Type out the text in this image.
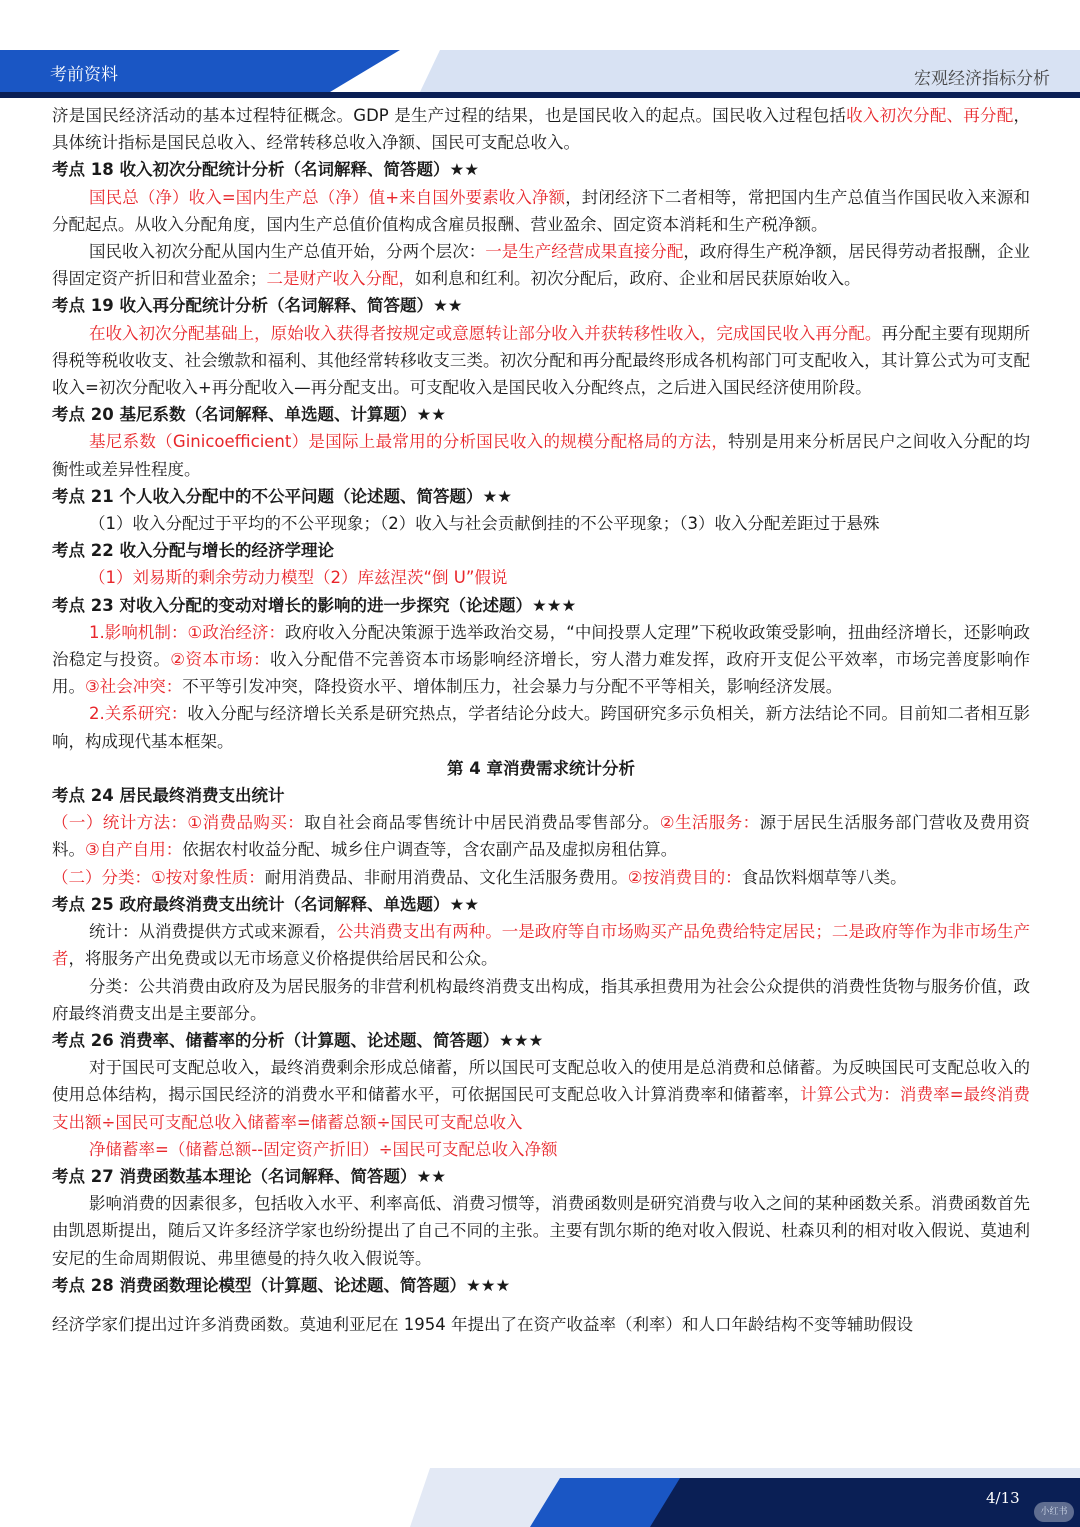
考前资料	宏观经济指标分析

济是国民经济活动的基本过程特征概念。GDP 是生产过程的结果，也是国民收入的起点。国民收入过程包括收入初次分配、再分配，具体统计指标是国民总收入、经常转移总收入净额、国民可支配总收入。

考点 18 收入初次分配统计分析（名词解释、简答题）★★

国民总（净）收入=国内生产总（净）值+来自国外要素收入净额，封闭经济下二者相等，常把国内生产总值当作国民收入来源和分配起点。从收入分配角度，国内生产总值价值构成含雇员报酬、营业盈余、固定资本消耗和生产税净额。

国民收入初次分配从国内生产总值开始，分两个层次：一是生产经营成果直接分配，政府得生产税净额，居民得劳动者报酬，企业得固定资产折旧和营业盈余；二是财产收入分配，如利息和红利。初次分配后，政府、企业和居民获原始收入。

考点 19 收入再分配统计分析（名词解释、简答题）★★

在收入初次分配基础上，原始收入获得者按规定或意愿转让部分收入并获转移性收入，完成国民收入再分配。再分配主要有现期所得税等税收收支、社会缴款和福利、其他经常转移收支三类。初次分配和再分配最终形成各机构部门可支配收入，其计算公式为可支配收入=初次分配收入+再分配收入—再分配支出。可支配收入是国民收入分配终点，之后进入国民经济使用阶段。

考点 20 基尼系数（名词解释、单选题、计算题）★★

基尼系数（Ginicoefficient）是国际上最常用的分析国民收入的规模分配格局的方法，特别是用来分析居民户之间收入分配的均衡性或差异性程度。

考点 21 个人收入分配中的不公平问题（论述题、简答题）★★

（1）收入分配过于平均的不公平现象；（2）收入与社会贡献倒挂的不公平现象；（3）收入分配差距过于悬殊

考点 22 收入分配与增长的经济学理论

（1）刘易斯的剩余劳动力模型（2）库兹涅茨“倒 U”假说

考点 23 对收入分配的变动对增长的影响的进一步探究（论述题）★★★

1.影响机制：①政治经济：政府收入分配决策源于选举政治交易，“中间投票人定理”下税收政策受影响，扭曲经济增长，还影响政治稳定与投资。②资本市场：收入分配借不完善资本市场影响经济增长，穷人潜力难发挥，政府开支促公平效率，市场完善度影响作用。③社会冲突：不平等引发冲突，降投资水平、增体制压力，社会暴力与分配不平等相关，影响经济发展。

2.关系研究：收入分配与经济增长关系是研究热点，学者结论分歧大。跨国研究多示负相关，新方法结论不同。目前知二者相互影响，构成现代基本框架。

第 4 章消费需求统计分析

考点 24 居民最终消费支出统计

（一）统计方法：①消费品购买：取自社会商品零售统计中居民消费品零售部分。②生活服务：源于居民生活服务部门营收及费用资料。③自产自用：依据农村收益分配、城乡住户调查等，含农副产品及虚拟房租估算。

（二）分类：①按对象性质：耐用消费品、非耐用消费品、文化生活服务费用。②按消费目的：食品饮料烟草等八类。

考点 25 政府最终消费支出统计（名词解释、单选题）★★

统计：从消费提供方式或来源看，公共消费支出有两种。一是政府等自市场购买产品免费给特定居民；二是政府等作为非市场生产者，将服务产出免费或以无市场意义价格提供给居民和公众。

分类：公共消费由政府及为居民服务的非营利机构最终消费支出构成，指其承担费用为社会公众提供的消费性货物与服务价值，政府最终消费支出是主要部分。

考点 26 消费率、储蓄率的分析（计算题、论述题、简答题）★★★

对于国民可支配总收入，最终消费剩余形成总储蓄，所以国民可支配总收入的使用是总消费和总储蓄。为反映国民可支配总收入的使用总体结构，揭示国民经济的消费水平和储蓄水平，可依据国民可支配总收入计算消费率和储蓄率，计算公式为：消费率=最终消费支出额÷国民可支配总收入储蓄率=储蓄总额÷国民可支配总收入

净储蓄率=（储蓄总额--固定资产折旧）÷国民可支配总收入净额

考点 27 消费函数基本理论（名词解释、简答题）★★

影响消费的因素很多，包括收入水平、利率高低、消费习惯等，消费函数则是研究消费与收入之间的某种函数关系。消费函数首先由凯恩斯提出，随后又许多经济学家也纷纷提出了自己不同的主张。主要有凯尔斯的绝对收入假说、杜森贝利的相对收入假说、莫迪利安尼的生命周期假说、弗里德曼的持久收入假说等。

考点 28 消费函数理论模型（计算题、论述题、简答题）★★★

经济学家们提出过许多消费函数。莫迪利亚尼在 1954 年提出了在资产收益率（利率）和人口年龄结构不变等辅助假设

4/13
小红书
